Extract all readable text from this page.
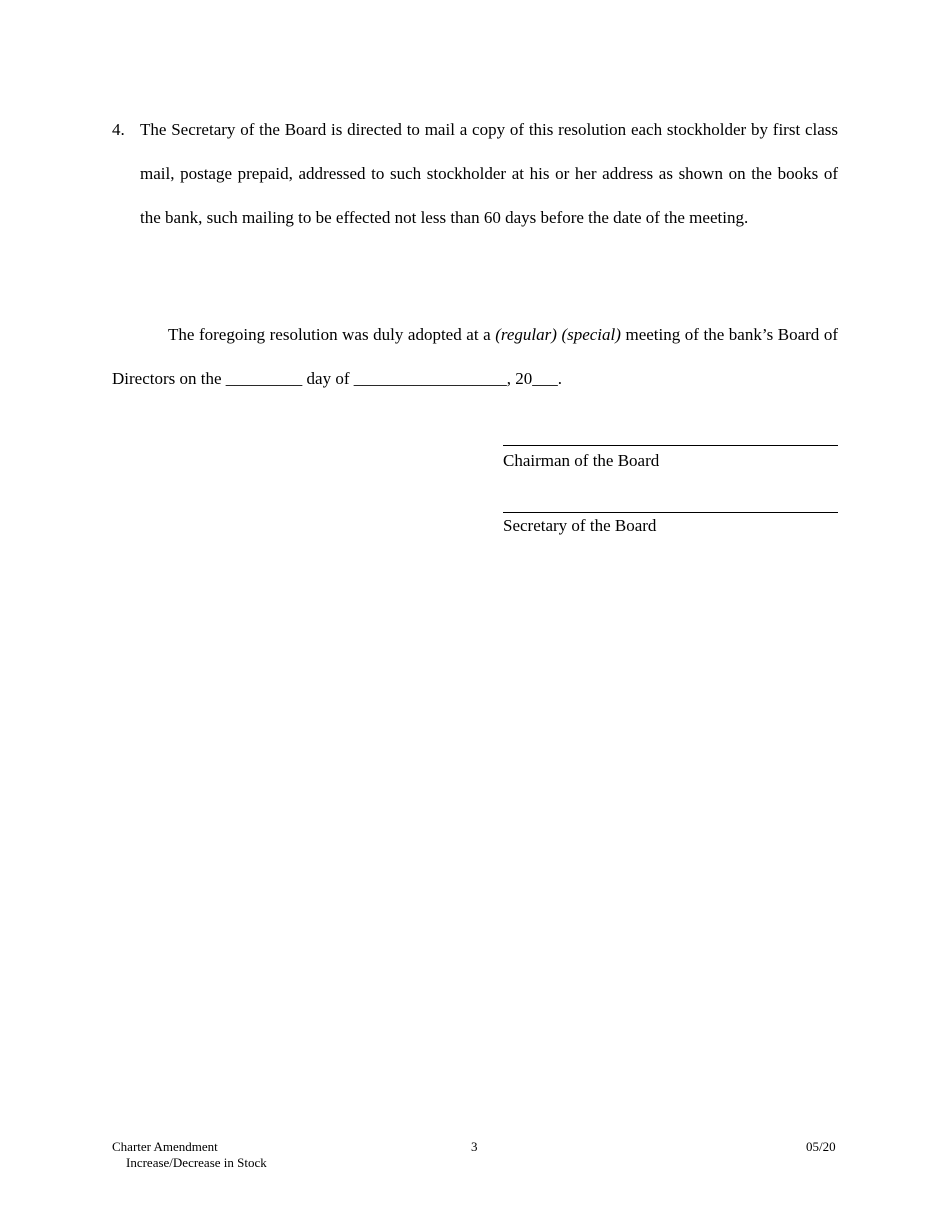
4. The Secretary of the Board is directed to mail a copy of this resolution each stockholder by first class mail, postage prepaid, addressed to such stockholder at his or her address as shown on the books of the bank, such mailing to be effected not less than 60 days before the date of the meeting.
The foregoing resolution was duly adopted at a (regular) (special) meeting of the bank’s Board of Directors on the _________ day of __________________, 20___.
Chairman of the Board
Secretary of the Board
Charter Amendment
Increase/Decrease in Stock
3	05/20
